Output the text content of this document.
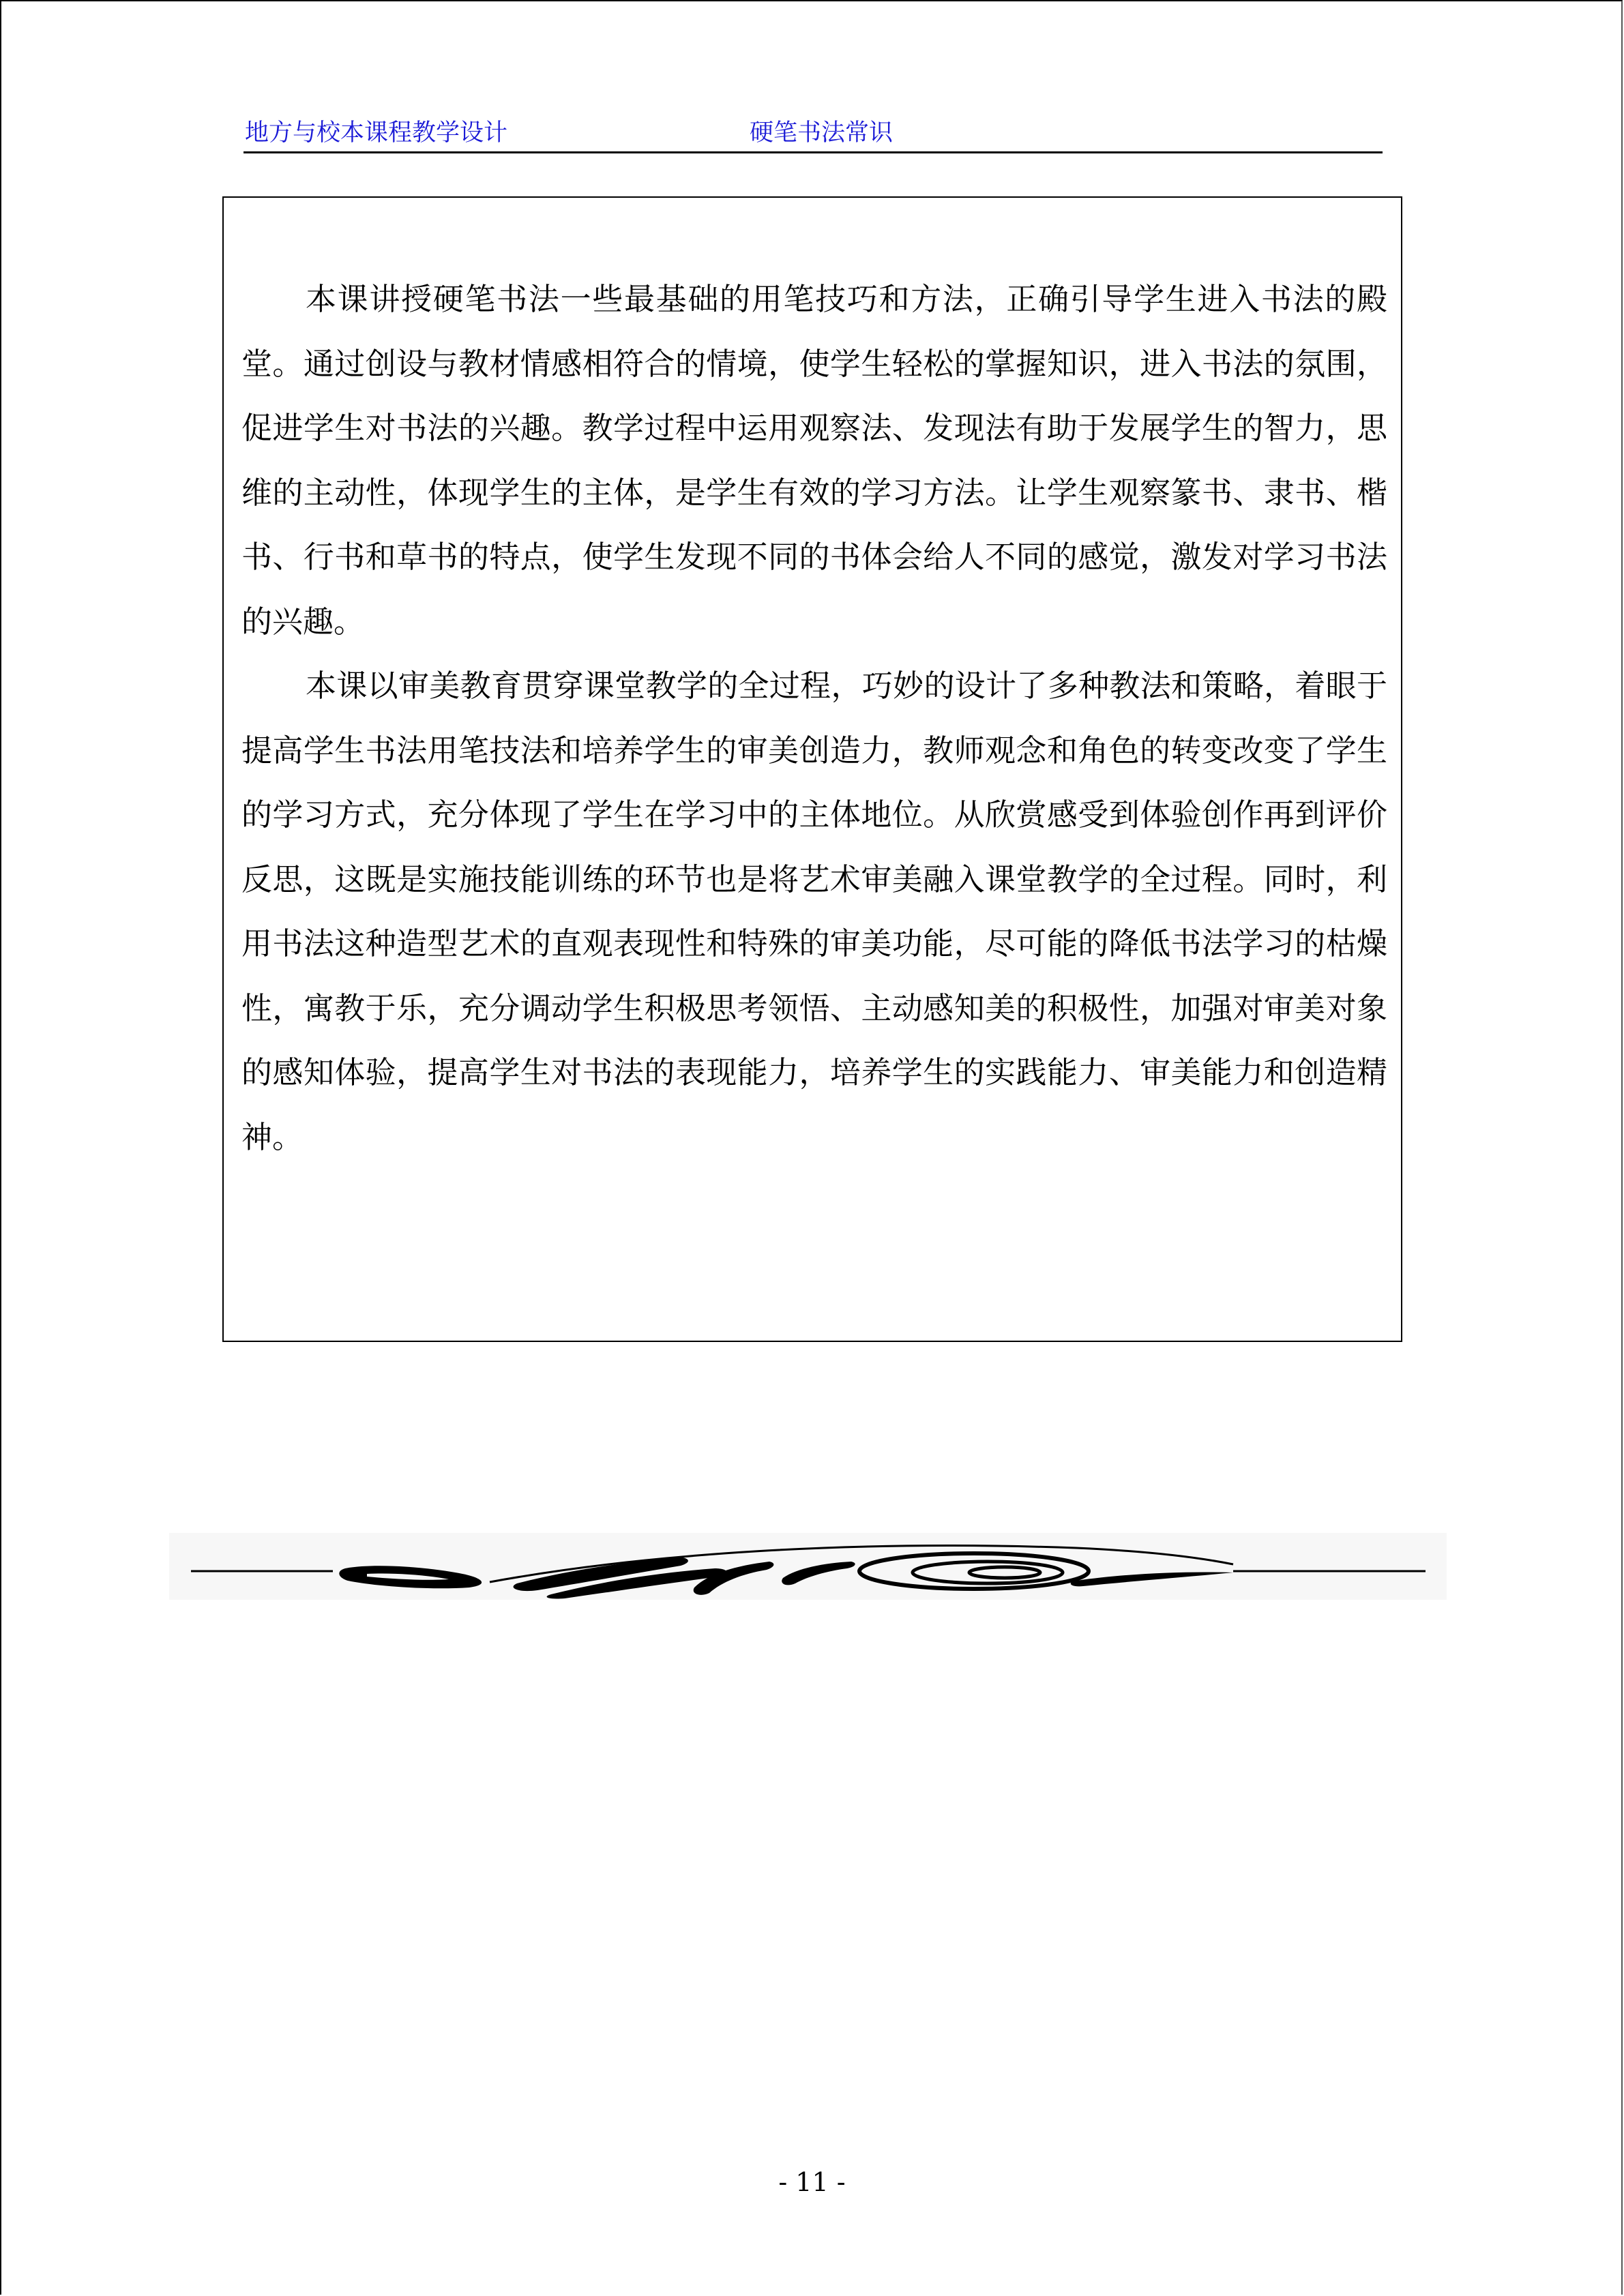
地方与校本课程教学设计	硬笔书法常识

本课讲授硬笔书法一些最基础的用笔技巧和方法，正确引导学生进入书法的殿堂。通过创设与教材情感相符合的情境，使学生轻松的掌握知识，进入书法的氛围，促进学生对书法的兴趣。教学过程中运用观察法、发现法有助于发展学生的智力，思维的主动性，体现学生的主体，是学生有效的学习方法。让学生观察篆书、隶书、楷书、行书和草书的特点，使学生发现不同的书体会给人不同的感觉，激发对学习书法的兴趣。

本课以审美教育贯穿课堂教学的全过程，巧妙的设计了多种教法和策略，着眼于提高学生书法用笔技法和培养学生的审美创造力，教师观念和角色的转变改变了学生的学习方式，充分体现了学生在学习中的主体地位。从欣赏感受到体验创作再到评价反思，这既是实施技能训练的环节也是将艺术审美融入课堂教学的全过程。同时，利用书法这种造型艺术的直观表现性和特殊的审美功能，尽可能的降低书法学习的枯燥性，寓教于乐，充分调动学生积极思考领悟、主动感知美的积极性，加强对审美对象的感知体验，提高学生对书法的表现能力，培养学生的实践能力、审美能力和创造精神。

- 11 -
